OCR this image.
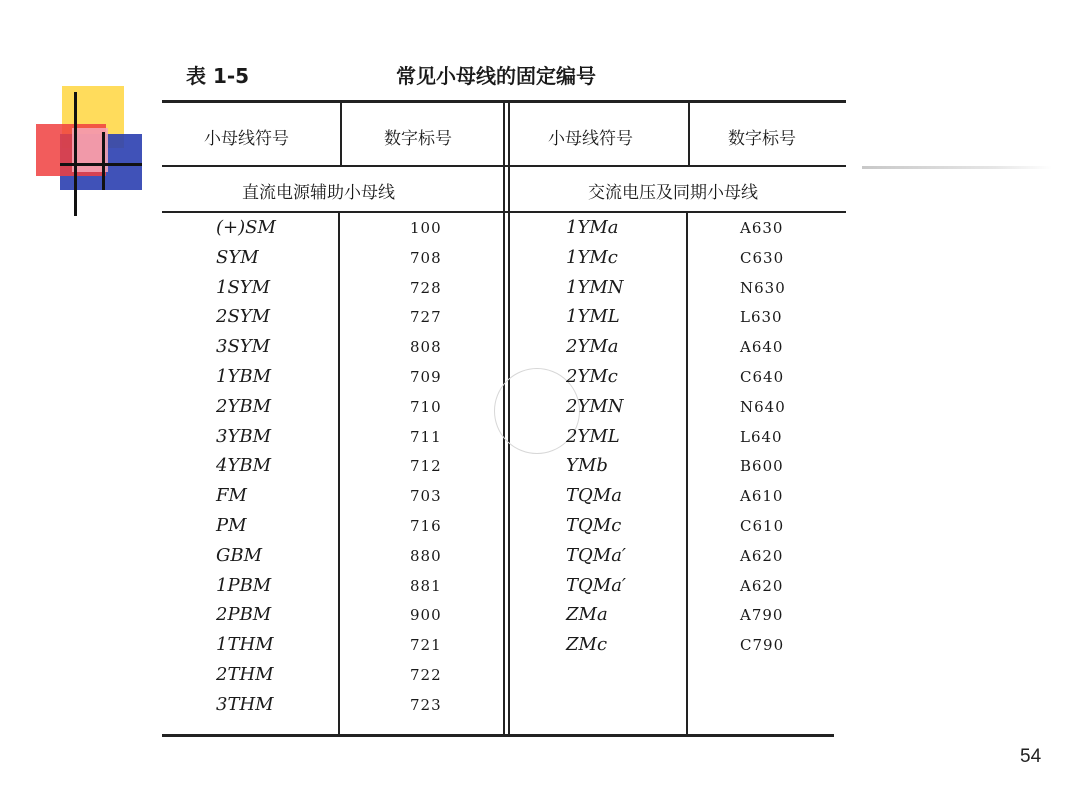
表 1-5	常见小母线的固定编号
小母线符号	数字标号	小母线符号	数字标号
直流电源辅助小母线	交流电压及同期小母线
(+)SM	100	1YMa	A630
SYM	708	1YMc	C630
1SYM	728	1YMN	N630
2SYM	727	1YML	L630
3SYM	808	2YMa	A640
1YBM	709	2YMc	C640
2YBM	710	2YMN	N640
3YBM	711	2YML	L640
4YBM	712	YMb	B600
FM	703	TQMa	A610
PM	716	TQMc	C610
GBM	880	TQMa′	A620
1PBM	881	TQMa′	A620
2PBM	900	ZMa	A790
1THM	721	ZMc	C790
2THM	722
3THM	723
54
